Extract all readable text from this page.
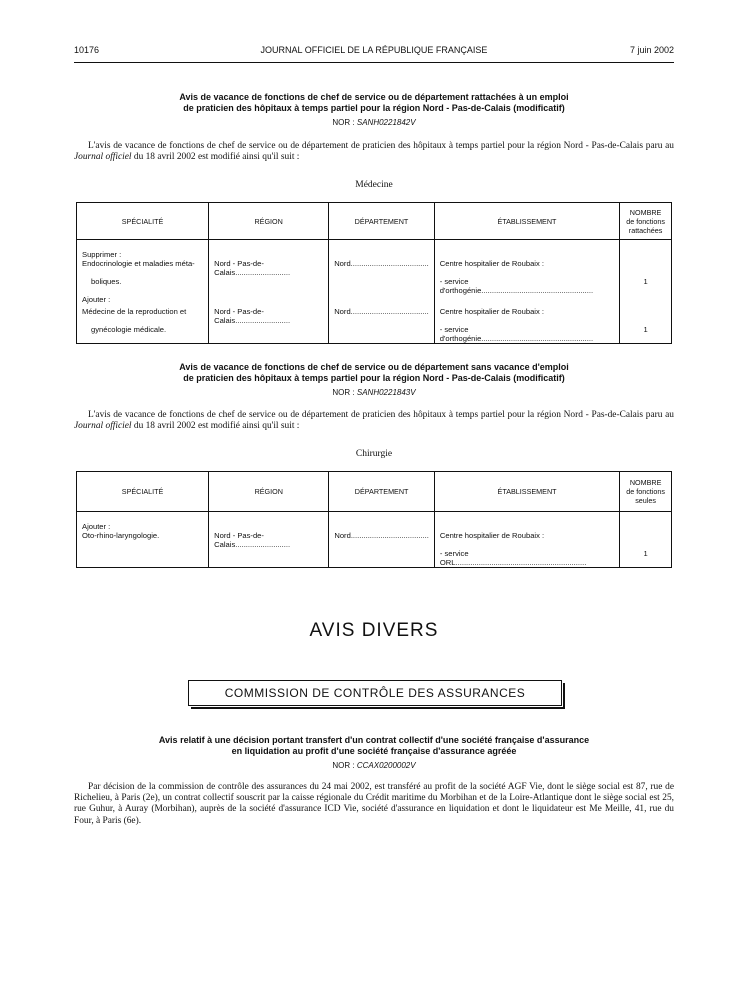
10176	JOURNAL OFFICIEL DE LA RÉPUBLIQUE FRANÇAISE	7 juin 2002
Avis de vacance de fonctions de chef de service ou de département rattachées à un emploi
de praticien des hôpitaux à temps partiel pour la région Nord - Pas-de-Calais (modificatif)
NOR : SANH0221842V
L'avis de vacance de fonctions de chef de service ou de département de praticien des hôpitaux à temps partiel pour la région Nord - Pas-de-Calais paru au Journal officiel du 18 avril 2002 est modifié ainsi qu'il suit :
Médecine
SPÉCIALITÉ	RÉGION	DÉPARTEMENT	ÉTABLISSEMENT	NOMBRE
de fonctions
rattachées

Supprimer :				
Endocrinologie et maladies méta-	Nord - Pas-de-Calais..........................	Nord.....................................	Centre hospitalier de Roubaix :	
boliques.			- service d'orthogénie.....................................................	1
Ajouter :				
Médecine de la reproduction et	Nord - Pas-de-Calais..........................	Nord.....................................	Centre hospitalier de Roubaix :	
gynécologie médicale.			- service d'orthogénie.....................................................	1
Avis de vacance de fonctions de chef de service ou de département sans vacance d'emploi
de praticien des hôpitaux à temps partiel pour la région Nord - Pas-de-Calais (modificatif)
NOR : SANH0221843V
L'avis de vacance de fonctions de chef de service ou de département de praticien des hôpitaux à temps partiel pour la région Nord - Pas-de-Calais paru au Journal officiel du 18 avril 2002 est modifié ainsi qu'il suit :
Chirurgie
SPÉCIALITÉ	RÉGION	DÉPARTEMENT	ÉTABLISSEMENT	NOMBRE
de fonctions
seules

Ajouter :				
Oto-rhino-laryngologie.	Nord - Pas-de-Calais..........................	Nord.....................................	Centre hospitalier de Roubaix :	
			- service ORL..............................................................	1
AVIS DIVERS
COMMISSION DE CONTRÔLE DES ASSURANCES
Avis relatif à une décision portant transfert d'un contrat collectif d'une société française d'assurance
en liquidation au profit d'une société française d'assurance agréée
NOR : CCAX0200002V
Par décision de la commission de contrôle des assurances du 24 mai 2002, est transféré au profit de la société AGF Vie, dont le siège social est 87, rue de Richelieu, à Paris (2e), un contrat collectif souscrit par la caisse régionale du Crédit maritime du Morbihan et de la Loire-Atlantique dont le siège social est 25, rue Guhur, à Auray (Morbihan), auprès de la société d'assurance ICD Vie, société d'assurance en liquidation et dont le liquidateur est Me Meille, 41, rue du Four, à Paris (6e).
